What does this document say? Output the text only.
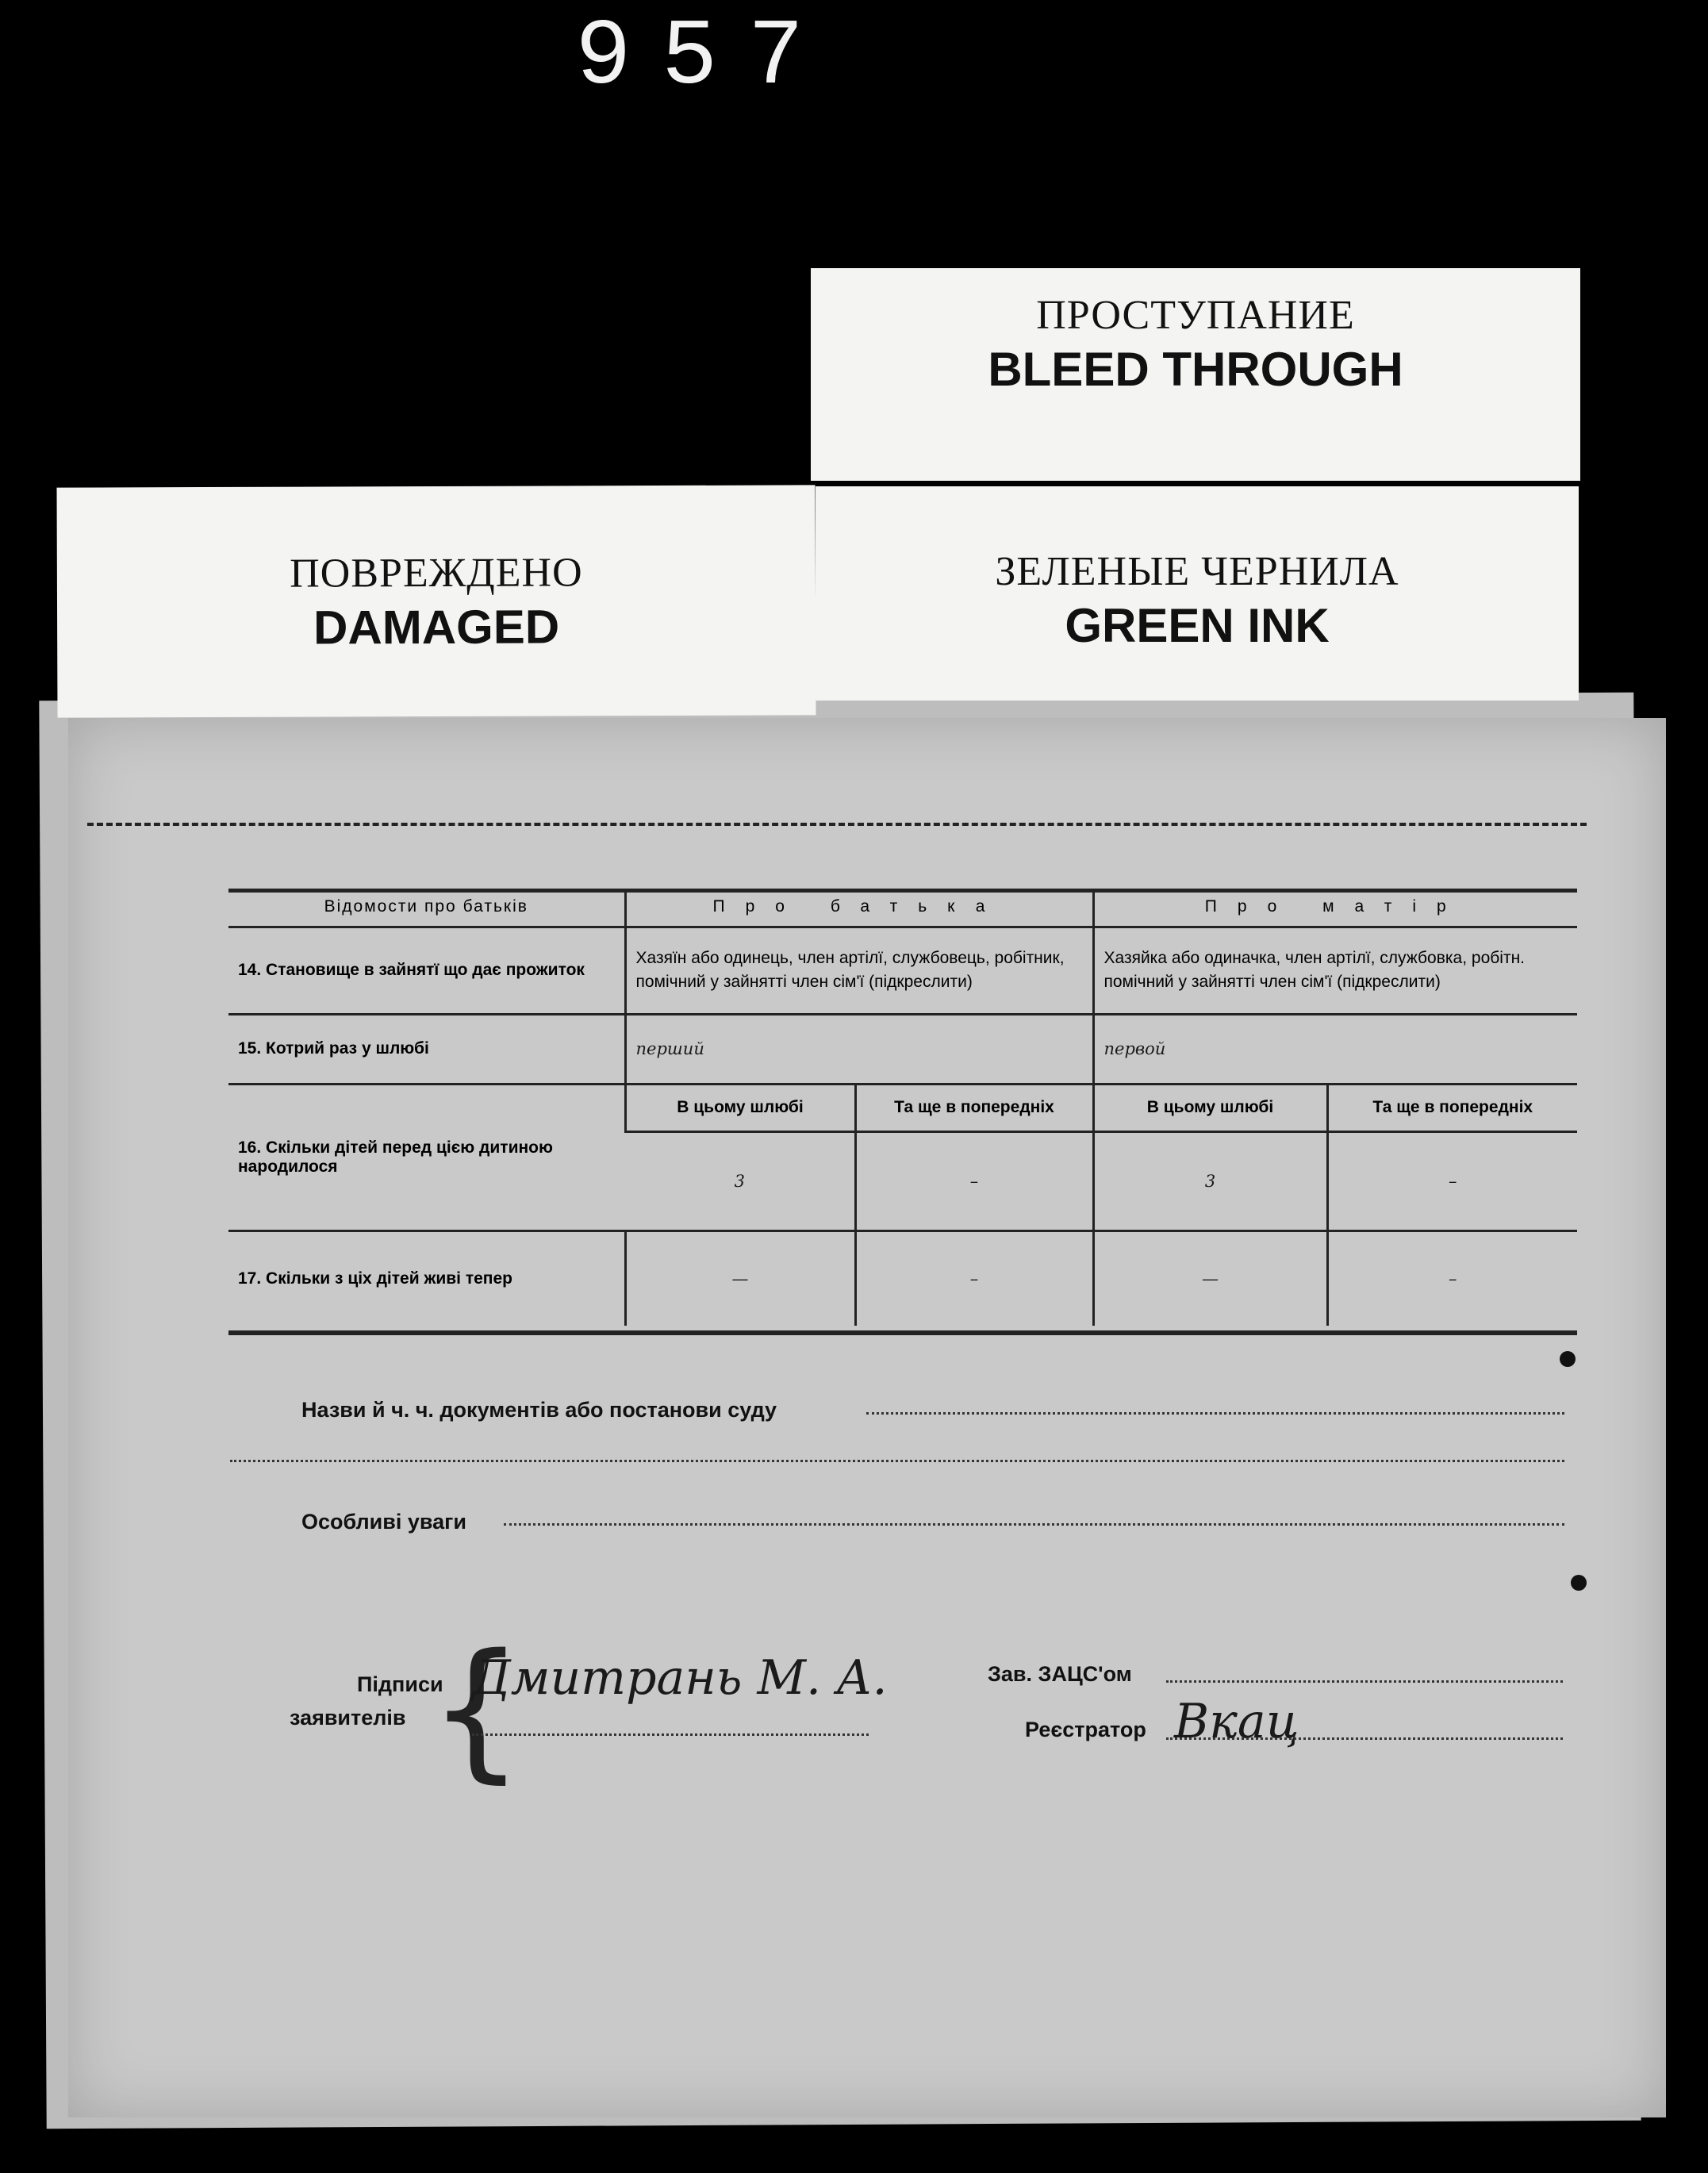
957
ПРОСТУПАНИЕ
BLEED THROUGH
ПОВРЕЖДЕНО
DAMAGED
ЗЕЛЕНЫЕ ЧЕРНИЛА
GREEN INK
Відомости про батьків	Про батька		Про матір	
14. Становище в зайнятї що дає прожиток	Хазяїн або одинець, член артілї, службовець, робітник, помічний у зайнятті член сім'ї (підкреслити)		Хазяйка або одиначка, член артілї, службовка, робітн. помічний у зайнятті член сім'ї (підкреслити)	
15. Котрий раз у шлюбі	перший		первой	
16. Скільки дітей перед цією дитиною народилося	В цьому шлюбі	Та ще в попередніх	В цьому шлюбі	Та ще в попередніх
	3	–	3	–
17. Скільки з ціх дітей живі тепер	—	–	—	–
Назви й ч. ч. документів або постанови суду
Особливі уваги
Підписи
заявителів {
Дмитрань М. А.	Зав. ЗАЦС'ом
Реєстратор Вкац
